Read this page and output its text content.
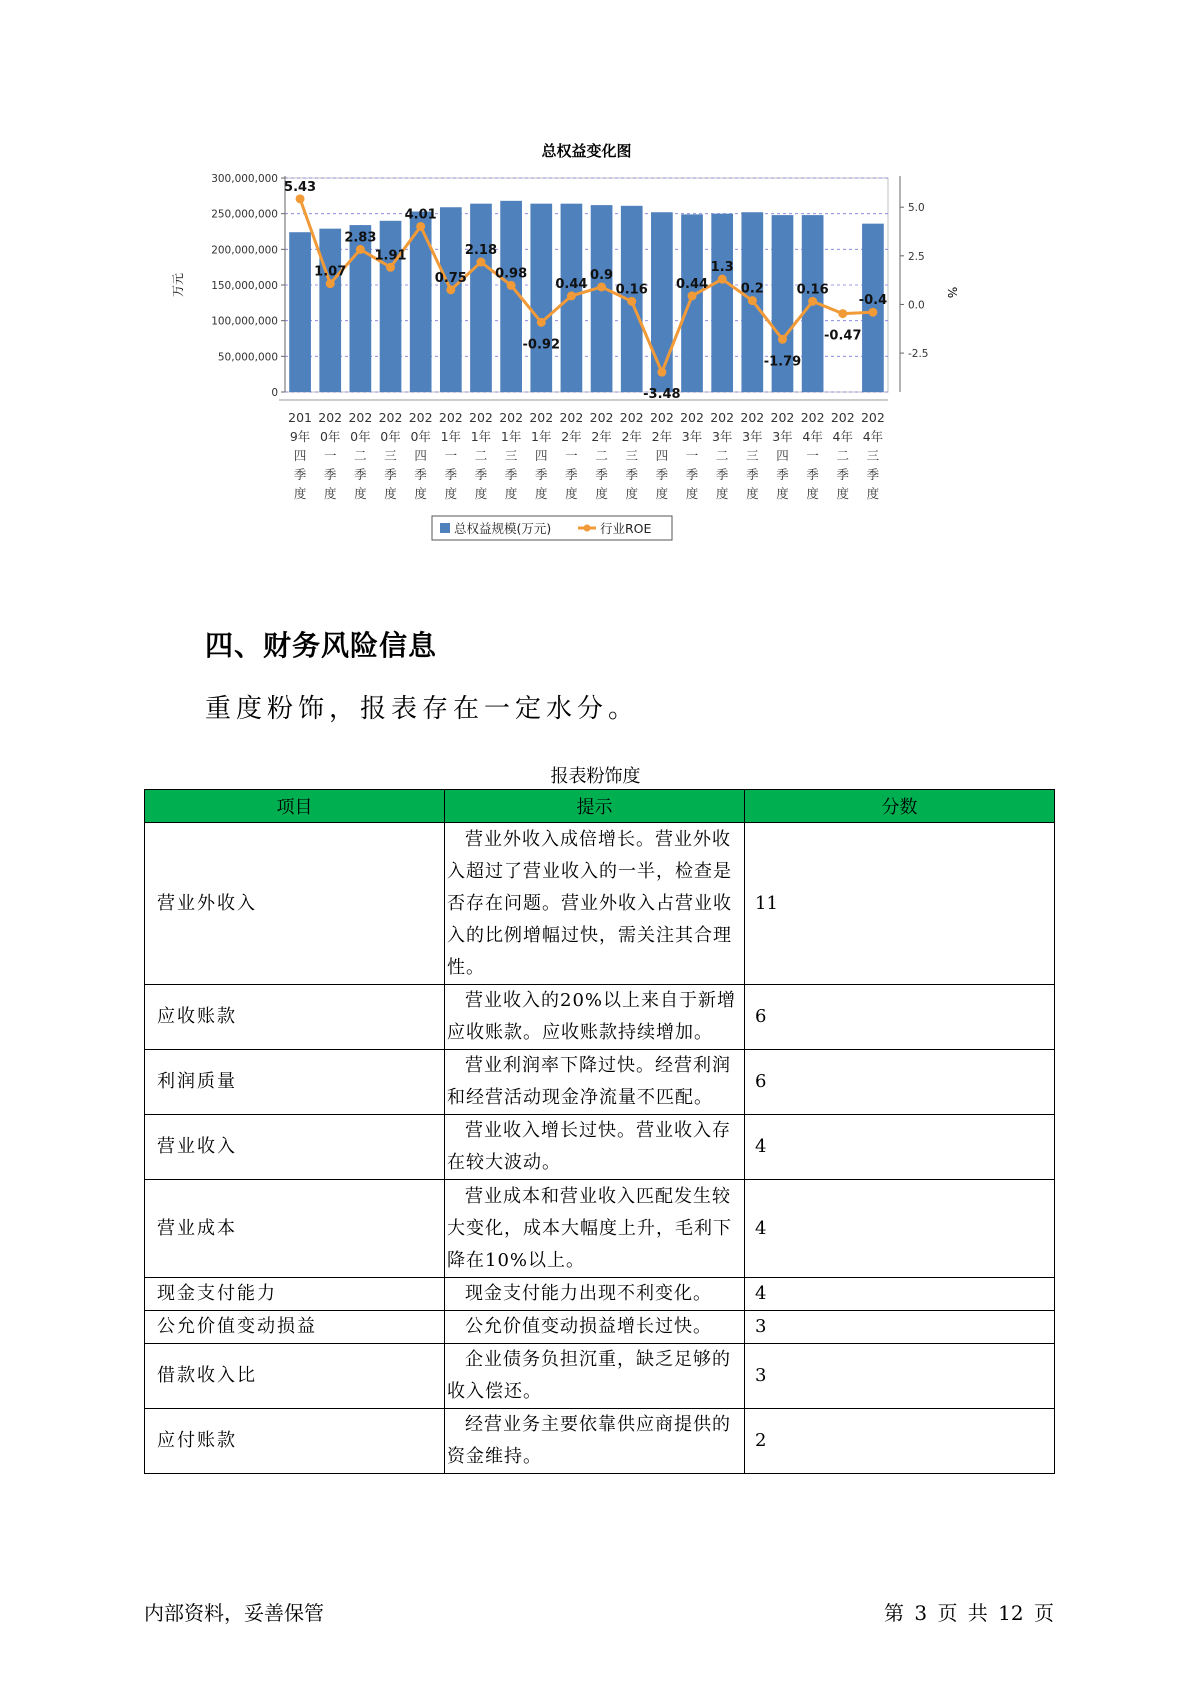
总权益变化图
300,000,000
250,000,000
200,000,000
150,000,000
100,000,000
50,000,000
0
万元
5.0
2.5
0.0
-2.5
%
201
9年
四
季
度
202
0年
一
季
度
202
0年
二
季
度
202
0年
三
季
度
202
0年
四
季
度
202
1年
一
季
度
202
1年
二
季
度
202
1年
三
季
度
202
1年
四
季
度
202
2年
一
季
度
202
2年
二
季
度
202
2年
三
季
度
202
2年
四
季
度
202
3年
一
季
度
202
3年
二
季
度
202
3年
三
季
度
202
3年
四
季
度
202
4年
一
季
度
202
4年
二
季
度
202
4年
三
季
度
5.43
1.07
2.83
1.91
4.01
0.75
2.18
0.98
-0.92
0.44
0.9
0.16
-3.48
0.44
1.3
0.2
-1.79
0.16
-0.47
-0.4
总权益规模(万元)	行业ROE
四、财务风险信息
重度粉饰，报表存在一定水分。
报表粉饰度
项目	提示	分数
营业外收入	营业外收入成倍增长。营业外收入超过了营业收入的一半，检查是否存在问题。营业外收入占营业收入的比例增幅过快，需关注其合理性。	11
应收账款	营业收入的20%以上来自于新增应收账款。应收账款持续增加。	6
利润质量	营业利润率下降过快。经营利润和经营活动现金净流量不匹配。	6
营业收入	营业收入增长过快。营业收入存在较大波动。	4
营业成本	营业成本和营业收入匹配发生较大变化，成本大幅度上升，毛利下降在10%以上。	4
现金支付能力	现金支付能力出现不利变化。	4
公允价值变动损益	公允价值变动损益增长过快。	3
借款收入比	企业债务负担沉重，缺乏足够的收入偿还。	3
应付账款	经营业务主要依靠供应商提供的资金维持。	2
内部资料，妥善保管	第 3 页 共 12 页
